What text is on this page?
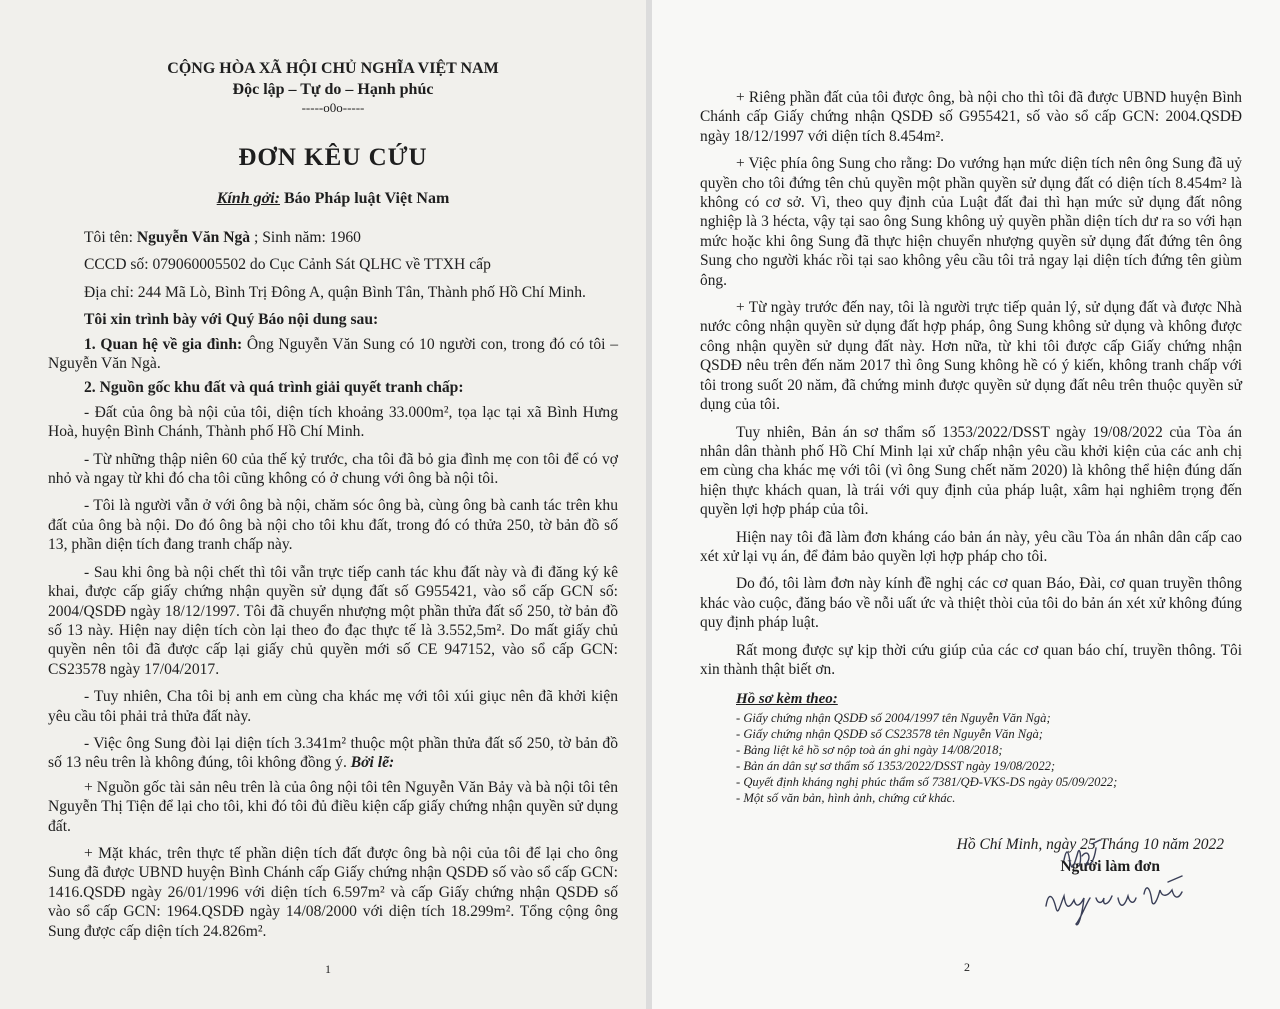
CỘNG HÒA XÃ HỘI CHỦ NGHĨA VIỆT NAM
Độc lập – Tự do – Hạnh phúc
-----o0o-----
ĐƠN KÊU CỨU
Kính gởi: Báo Pháp luật Việt Nam

Tôi tên: Nguyễn Văn Ngà ; Sinh năm: 1960

CCCD số: 079060005502 do Cục Cảnh Sát QLHC về TTXH cấp

Địa chỉ: 244 Mã Lò, Bình Trị Đông A, quận Bình Tân, Thành phố Hồ Chí Minh.

Tôi xin trình bày với Quý Báo nội dung sau:

1. Quan hệ về gia đình: Ông Nguyễn Văn Sung có 10 người con, trong đó có tôi – Nguyễn Văn Ngà.

2. Nguồn gốc khu đất và quá trình giải quyết tranh chấp:

- Đất của ông bà nội của tôi, diện tích khoảng 33.000m², tọa lạc tại xã Bình Hưng Hoà, huyện Bình Chánh, Thành phố Hồ Chí Minh.

- Từ những thập niên 60 của thế kỷ trước, cha tôi đã bỏ gia đình mẹ con tôi để có vợ nhỏ và ngay từ khi đó cha tôi cũng không có ở chung với ông bà nội tôi.

- Tôi là người vẫn ở với ông bà nội, chăm sóc ông bà, cùng ông bà canh tác trên khu đất của ông bà nội. Do đó ông bà nội cho tôi khu đất, trong đó có thửa 250, tờ bản đồ số 13, phần diện tích đang tranh chấp này.

- Sau khi ông bà nội chết thì tôi vẫn trực tiếp canh tác khu đất này và đi đăng ký kê khai, được cấp giấy chứng nhận quyền sử dụng đất số G955421, vào sổ cấp GCN số: 2004/QSDĐ ngày 18/12/1997. Tôi đã chuyển nhượng một phần thửa đất số 250, tờ bản đồ số 13 này. Hiện nay diện tích còn lại theo đo đạc thực tế là 3.552,5m². Do mất giấy chủ quyền nên tôi đã được cấp lại giấy chủ quyền mới số CE 947152, vào sổ cấp GCN: CS23578 ngày 17/04/2017.

- Tuy nhiên, Cha tôi bị anh em cùng cha khác mẹ với tôi xúi giục nên đã khởi kiện yêu cầu tôi phải trả thửa đất này.

- Việc ông Sung đòi lại diện tích 3.341m² thuộc một phần thửa đất số 250, tờ bản đồ số 13 nêu trên là không đúng, tôi không đồng ý. Bởi lẽ:

+ Nguồn gốc tài sản nêu trên là của ông nội tôi tên Nguyễn Văn Bảy và bà nội tôi tên Nguyễn Thị Tiện để lại cho tôi, khi đó tôi đủ điều kiện cấp giấy chứng nhận quyền sử dụng đất.

+ Mặt khác, trên thực tế phần diện tích đất được ông bà nội của tôi để lại cho ông Sung đã được UBND huyện Bình Chánh cấp Giấy chứng nhận QSDĐ số vào sổ cấp GCN: 1416.QSDĐ ngày 26/01/1996 với diện tích 6.597m² và cấp Giấy chứng nhận QSDĐ số vào sổ cấp GCN: 1964.QSDĐ ngày 14/08/2000 với diện tích 18.299m². Tổng cộng ông Sung được cấp diện tích 24.826m².

1

+ Riêng phần đất của tôi được ông, bà nội cho thì tôi đã được UBND huyện Bình Chánh cấp Giấy chứng nhận QSDĐ số G955421, số vào sổ cấp GCN: 2004.QSDĐ ngày 18/12/1997 với diện tích 8.454m².

+ Việc phía ông Sung cho rằng: Do vướng hạn mức diện tích nên ông Sung đã uỷ quyền cho tôi đứng tên chủ quyền một phần quyền sử dụng đất có diện tích 8.454m² là không có cơ sở. Vì, theo quy định của Luật đất đai thì hạn mức sử dụng đất nông nghiệp là 3 hécta, vậy tại sao ông Sung không uỷ quyền phần diện tích dư ra so với hạn mức hoặc khi ông Sung đã thực hiện chuyển nhượng quyền sử dụng đất đứng tên ông Sung cho người khác rồi tại sao không yêu cầu tôi trả ngay lại diện tích đứng tên giùm ông.

+ Từ ngày trước đến nay, tôi là người trực tiếp quản lý, sử dụng đất và được Nhà nước công nhận quyền sử dụng đất hợp pháp, ông Sung không sử dụng và không được công nhận quyền sử dụng đất này. Hơn nữa, từ khi tôi được cấp Giấy chứng nhận QSDĐ nêu trên đến năm 2017 thì ông Sung không hề có ý kiến, không tranh chấp với tôi trong suốt 20 năm, đã chứng minh được quyền sử dụng đất nêu trên thuộc quyền sử dụng của tôi.

Tuy nhiên, Bản án sơ thẩm số 1353/2022/DSST ngày 19/08/2022 của Tòa án nhân dân thành phố Hồ Chí Minh lại xử chấp nhận yêu cầu khởi kiện của các anh chị em cùng cha khác mẹ với tôi (vì ông Sung chết năm 2020) là không thể hiện đúng dấn hiện thực khách quan, là trái với quy định của pháp luật, xâm hại nghiêm trọng đến quyền lợi hợp pháp của tôi.

Hiện nay tôi đã làm đơn kháng cáo bản án này, yêu cầu Tòa án nhân dân cấp cao xét xử lại vụ án, để đảm bảo quyền lợi hợp pháp cho tôi.

Do đó, tôi làm đơn này kính đề nghị các cơ quan Báo, Đài, cơ quan truyền thông khác vào cuộc, đăng báo về nỗi uất ức và thiệt thòi của tôi do bản án xét xử không đúng quy định pháp luật.

Rất mong được sự kịp thời cứu giúp của các cơ quan báo chí, truyền thông. Tôi xin thành thật biết ơn.

Hồ sơ kèm theo:
- Giấy chứng nhận QSDĐ số 2004/1997 tên Nguyễn Văn Ngà;
- Giấy chứng nhận QSDĐ số CS23578 tên Nguyễn Văn Ngà;
- Bảng liệt kê hồ sơ nộp toà án ghi ngày 14/08/2018;
- Bản án dân sự sơ thẩm số 1353/2022/DSST ngày 19/08/2022;
- Quyết định kháng nghị phúc thẩm số 7381/QĐ-VKS-DS ngày 05/09/2022;
- Một số văn bản, hình ảnh, chứng cứ khác.
Hồ Chí Minh, ngày 25 Tháng 10 năm 2022
Người làm đơn
2
